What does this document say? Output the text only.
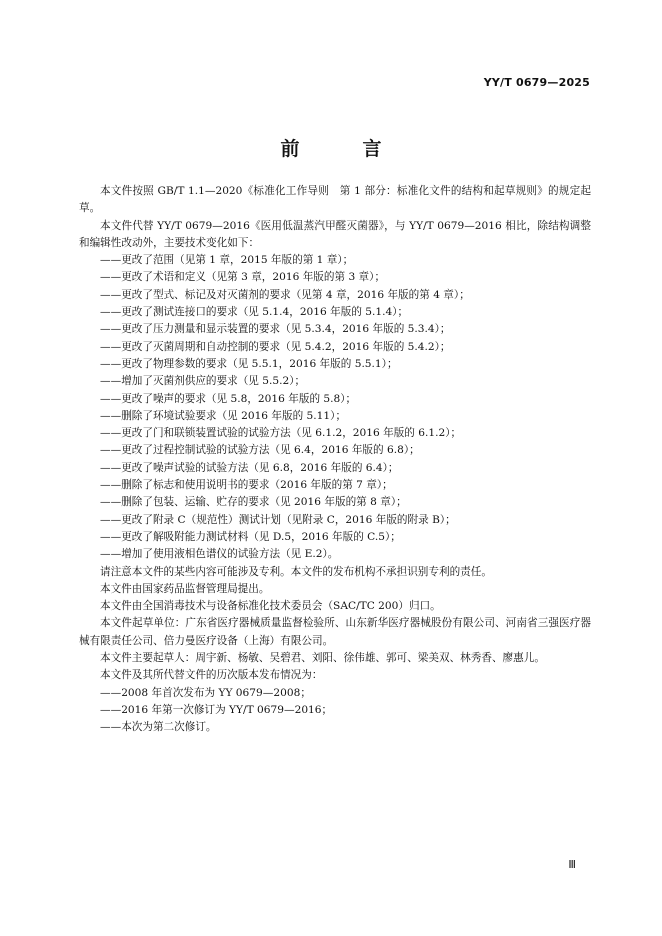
YY/T 0679—2025
前　言

本文件按照 GB/T 1.1—2020《标准化工作导则　第 1 部分：标准化文件的结构和起草规则》的规定起草。

本文件代替 YY/T 0679—2016《医用低温蒸汽甲醛灭菌器》，与 YY/T 0679—2016 相比，除结构调整和编辑性改动外，主要技术变化如下：

——更改了范围（见第 1 章，2015 年版的第 1 章）；

——更改了术语和定义（见第 3 章，2016 年版的第 3 章）；

——更改了型式、标记及对灭菌剂的要求（见第 4 章，2016 年版的第 4 章）；

——更改了测试连接口的要求（见 5.1.4，2016 年版的 5.1.4）；

——更改了压力测量和显示装置的要求（见 5.3.4，2016 年版的 5.3.4）；

——更改了灭菌周期和自动控制的要求（见 5.4.2，2016 年版的 5.4.2）；

——更改了物理参数的要求（见 5.5.1，2016 年版的 5.5.1）；

——增加了灭菌剂供应的要求（见 5.5.2）；

——更改了噪声的要求（见 5.8，2016 年版的 5.8）；

——删除了环境试验要求（见 2016 年版的 5.11）；

——更改了门和联锁装置试验的试验方法（见 6.1.2，2016 年版的 6.1.2）；

——更改了过程控制试验的试验方法（见 6.4，2016 年版的 6.8）；

——更改了噪声试验的试验方法（见 6.8，2016 年版的 6.4）；

——删除了标志和使用说明书的要求（2016 年版的第 7 章）；

——删除了包装、运输、贮存的要求（见 2016 年版的第 8 章）；

——更改了附录 C（规范性）测试计划（见附录 C，2016 年版的附录 B）；

——更改了解吸附能力测试材料（见 D.5，2016 年版的 C.5）；

——增加了使用液相色谱仪的试验方法（见 E.2）。

请注意本文件的某些内容可能涉及专利。本文件的发布机构不承担识别专利的责任。

本文件由国家药品监督管理局提出。

本文件由全国消毒技术与设备标准化技术委员会（SAC/TC 200）归口。

本文件起草单位：广东省医疗器械质量监督检验所、山东新华医疗器械股份有限公司、河南省三强医疗器械有限责任公司、倍力曼医疗设备（上海）有限公司。

本文件主要起草人：周宇新、杨敏、吴碧君、刘阳、徐伟雄、郭可、梁美双、林秀香、廖惠儿。

本文件及其所代替文件的历次版本发布情况为：

——2008 年首次发布为 YY 0679—2008；

——2016 年第一次修订为 YY/T 0679—2016；

——本次为第二次修订。

Ⅲ
